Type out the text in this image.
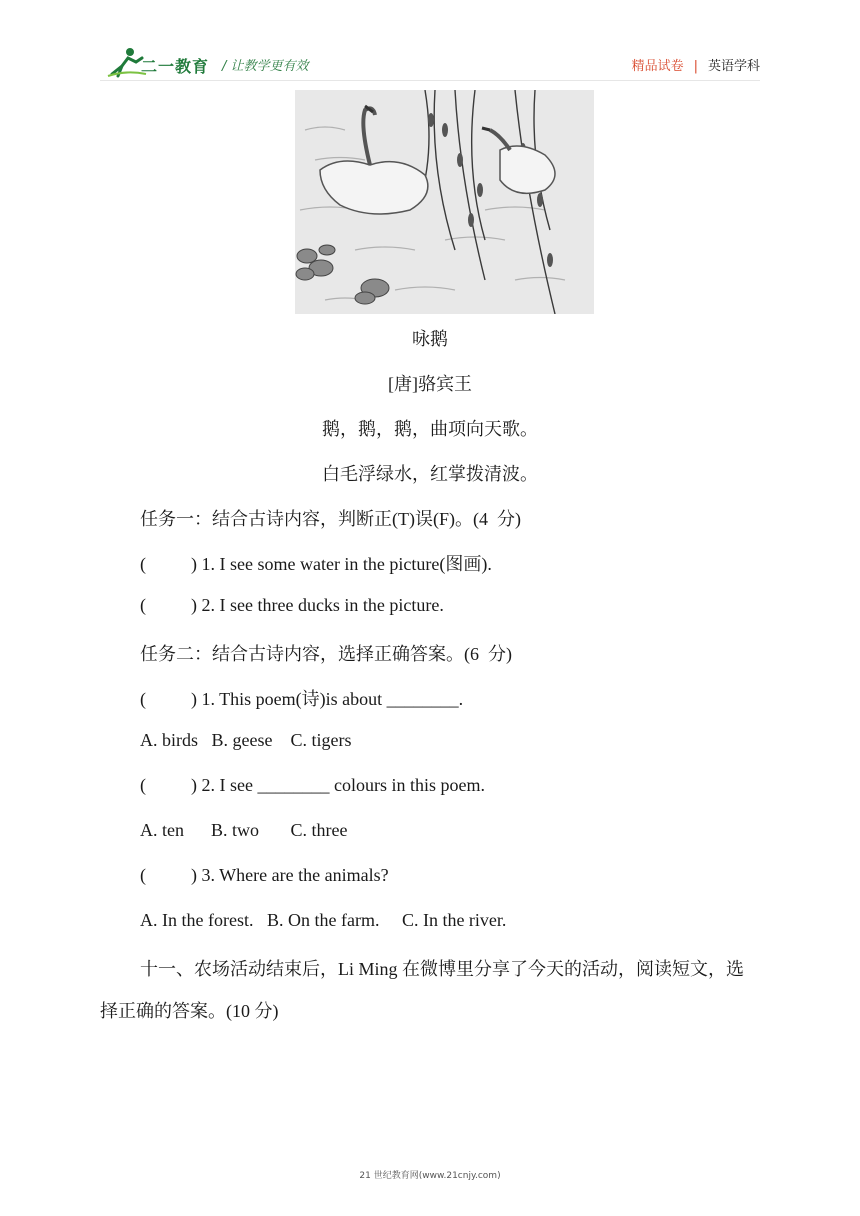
二一教育 / 让教学更有效	精品试卷 | 英语学科
咏鹅
[唐]骆宾王
鹅，鹅，鹅，曲项向天歌。
白毛浮绿水，红掌拨清波。
任务一：结合古诗内容，判断正(T)误(F)。(4  分)
(          ) 1. I see some water in the picture(图画).
(          ) 2. I see three ducks in the picture.
任务二：结合古诗内容，选择正确答案。(6  分)
(          ) 1. This poem(诗)is about ________.
A. birds   B. geese    C. tigers
(          ) 2. I see ________ colours in this poem.
A. ten      B. two       C. three
(          ) 3. Where are the animals?
A. In the forest.   B. On the farm.     C. In the river.
十一、农场活动结束后，Li Ming 在微博里分享了今天的活动，阅读短文，选择正确的答案。(10 分)
21 世纪教育网(www.21cnjy.com)
